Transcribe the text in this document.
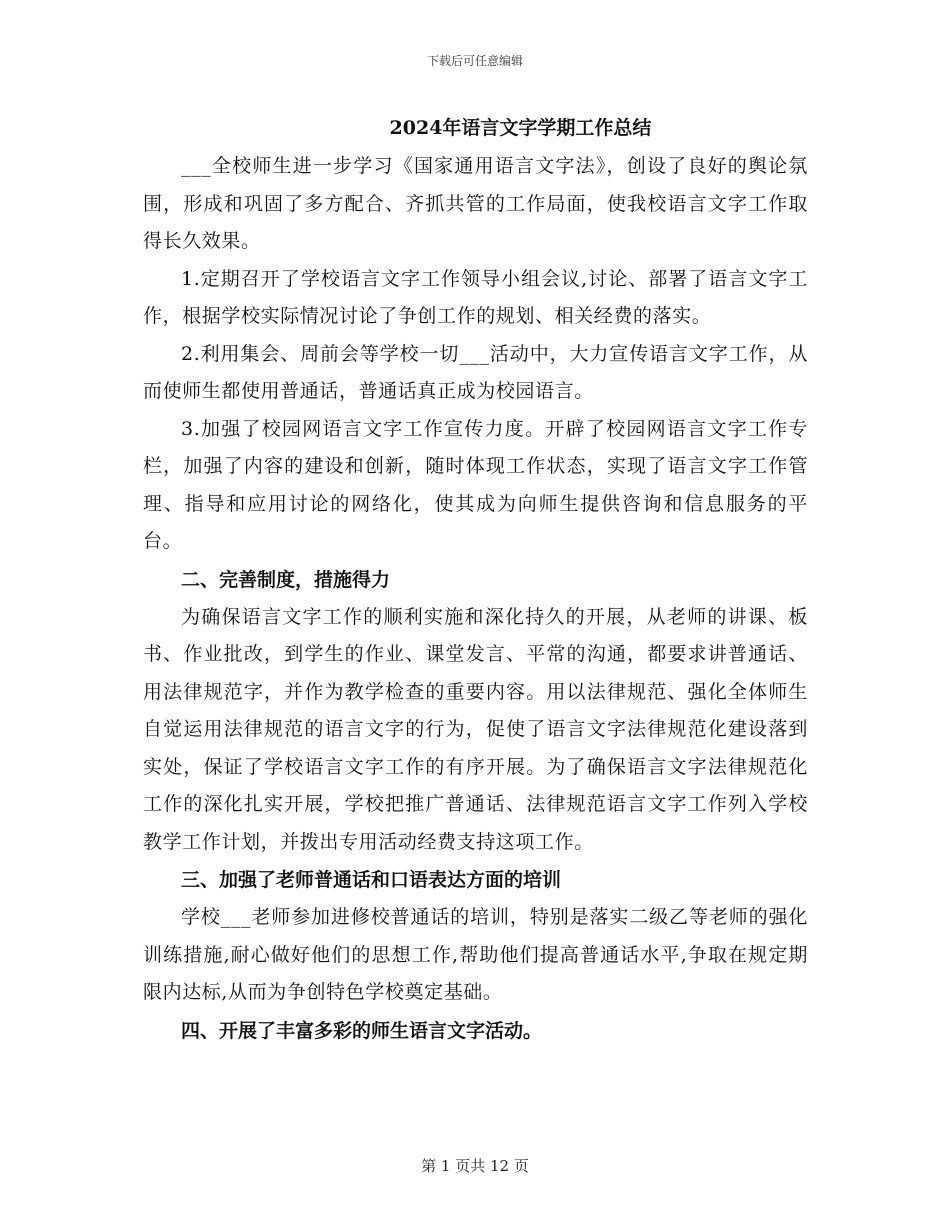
下载后可任意编辑
2024年语言文字学期工作总结

___全校师生进一步学习《国家通用语言文字法》，创设了良好的舆论氛围，形成和巩固了多方配合、齐抓共管的工作局面，使我校语言文字工作取得长久效果。

1.定期召开了学校语言文字工作领导小组会议,讨论、部署了语言文字工作，根据学校实际情况讨论了争创工作的规划、相关经费的落实。

2.利用集会、周前会等学校一切___活动中，大力宣传语言文字工作，从而使师生都使用普通话，普通话真正成为校园语言。

3.加强了校园网语言文字工作宣传力度。开辟了校园网语言文字工作专栏，加强了内容的建设和创新，随时体现工作状态，实现了语言文字工作管理、指导和应用讨论的网络化，使其成为向师生提供咨询和信息服务的平台。

二、完善制度，措施得力

为确保语言文字工作的顺利实施和深化持久的开展，从老师的讲课、板书、作业批改，到学生的作业、课堂发言、平常的沟通，都要求讲普通话、用法律规范字，并作为教学检查的重要内容。用以法律规范、强化全体师生自觉运用法律规范的语言文字的行为，促使了语言文字法律规范化建设落到实处，保证了学校语言文字工作的有序开展。为了确保语言文字法律规范化工作的深化扎实开展，学校把推广普通话、法律规范语言文字工作列入学校教学工作计划，并拨出专用活动经费支持这项工作。

三、加强了老师普通话和口语表达方面的培训

学校___老师参加进修校普通话的培训，特别是落实二级乙等老师的强化训练措施,耐心做好他们的思想工作,帮助他们提高普通话水平,争取在规定期限内达标,从而为争创特色学校奠定基础。

四、开展了丰富多彩的师生语言文字活动。

第 1 页共 12 页
